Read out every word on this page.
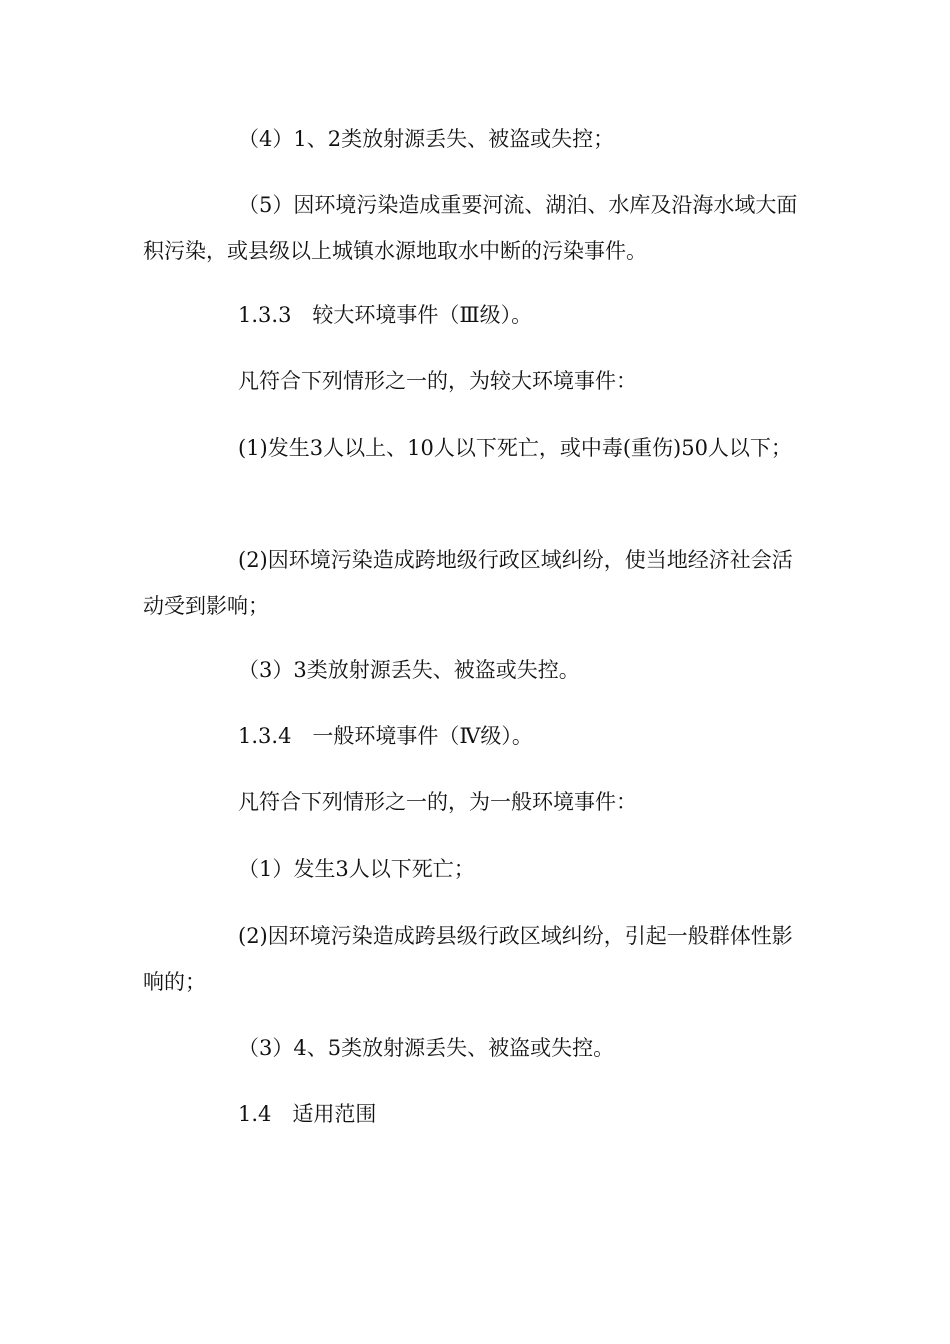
（4）1、2类放射源丢失、被盗或失控；

（5）因环境污染造成重要河流、湖泊、水库及沿海水域大面积污染，或县级以上城镇水源地取水中断的污染事件。

1.3.3　较大环境事件（Ⅲ级）。

凡符合下列情形之一的，为较大环境事件：

(1)发生3人以上、10人以下死亡，或中毒(重伤)50人以下；

(2)因环境污染造成跨地级行政区域纠纷，使当地经济社会活动受到影响；

（3）3类放射源丢失、被盗或失控。

1.3.4　一般环境事件（Ⅳ级）。

凡符合下列情形之一的，为一般环境事件：

（1）发生3人以下死亡；

(2)因环境污染造成跨县级行政区域纠纷，引起一般群体性影响的；

（3）4、5类放射源丢失、被盗或失控。

1.4　适用范围
